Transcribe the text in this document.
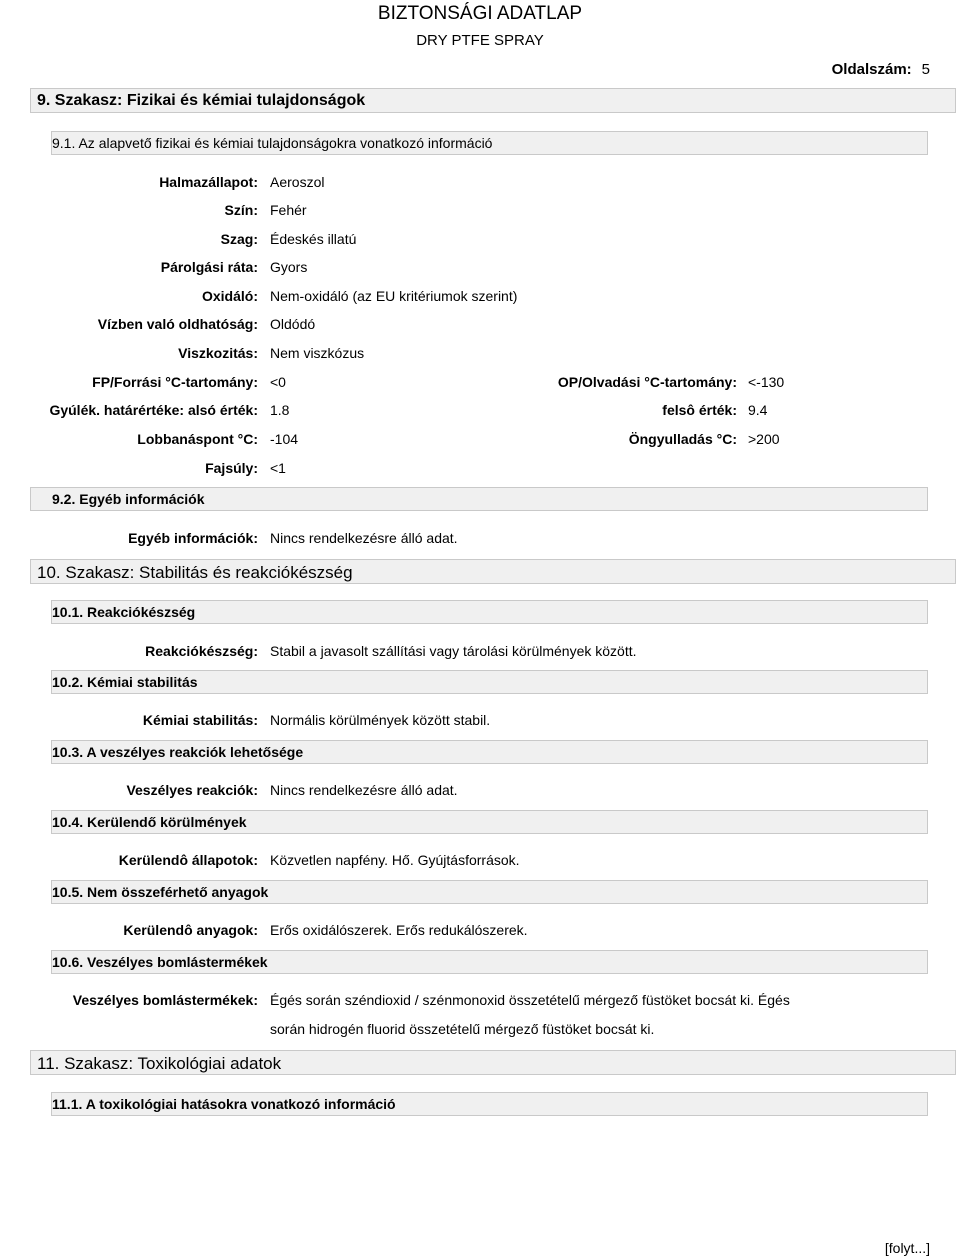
BIZTONSÁGI ADATLAP
DRY PTFE SPRAY
Oldalszám: 5
9. Szakasz: Fizikai és kémiai tulajdonságok
9.1. Az alapvető fizikai és kémiai tulajdonságokra vonatkozó információ
Halmazállapot: Aeroszol
Szín: Fehér
Szag: Édeskés illatú
Párolgási ráta: Gyors
Oxidáló: Nem-oxidáló (az EU kritériumok szerint)
Vízben való oldhatóság: Oldódó
Viszkozitás: Nem viszkózus
FP/Forrási °C-tartomány: <0	OP/Olvadási °C-tartomány: <-130
Gyúlék. határértéke: alsó érték: 1.8	felsô érték: 9.4
Lobbanáspont °C: -104	Öngyulladás °C: >200
Fajsúly: <1
9.2. Egyéb információk
Egyéb információk: Nincs rendelkezésre álló adat.
10. Szakasz: Stabilitás és reakciókészség
10.1. Reakciókészség
Reakciókészség: Stabil a javasolt szállítási vagy tárolási körülmények között.
10.2. Kémiai stabilitás
Kémiai stabilitás: Normális körülmények között stabil.
10.3. A veszélyes reakciók lehetősége
Veszélyes reakciók: Nincs rendelkezésre álló adat.
10.4. Kerülendő körülmények
Kerülendô állapotok: Közvetlen napfény. Hő. Gyújtásforrások.
10.5. Nem összeférhető anyagok
Kerülendô anyagok: Erős oxidálószerek. Erős redukálószerek.
10.6. Veszélyes bomlástermékek
Veszélyes bomlástermékek: Égés során széndioxid / szénmonoxid összetételű mérgező füstöket bocsát ki. Égés
során hidrogén fluorid összetételű mérgező füstöket bocsát ki.
11. Szakasz: Toxikológiai adatok
11.1. A toxikológiai hatásokra vonatkozó információ
[folyt...]
